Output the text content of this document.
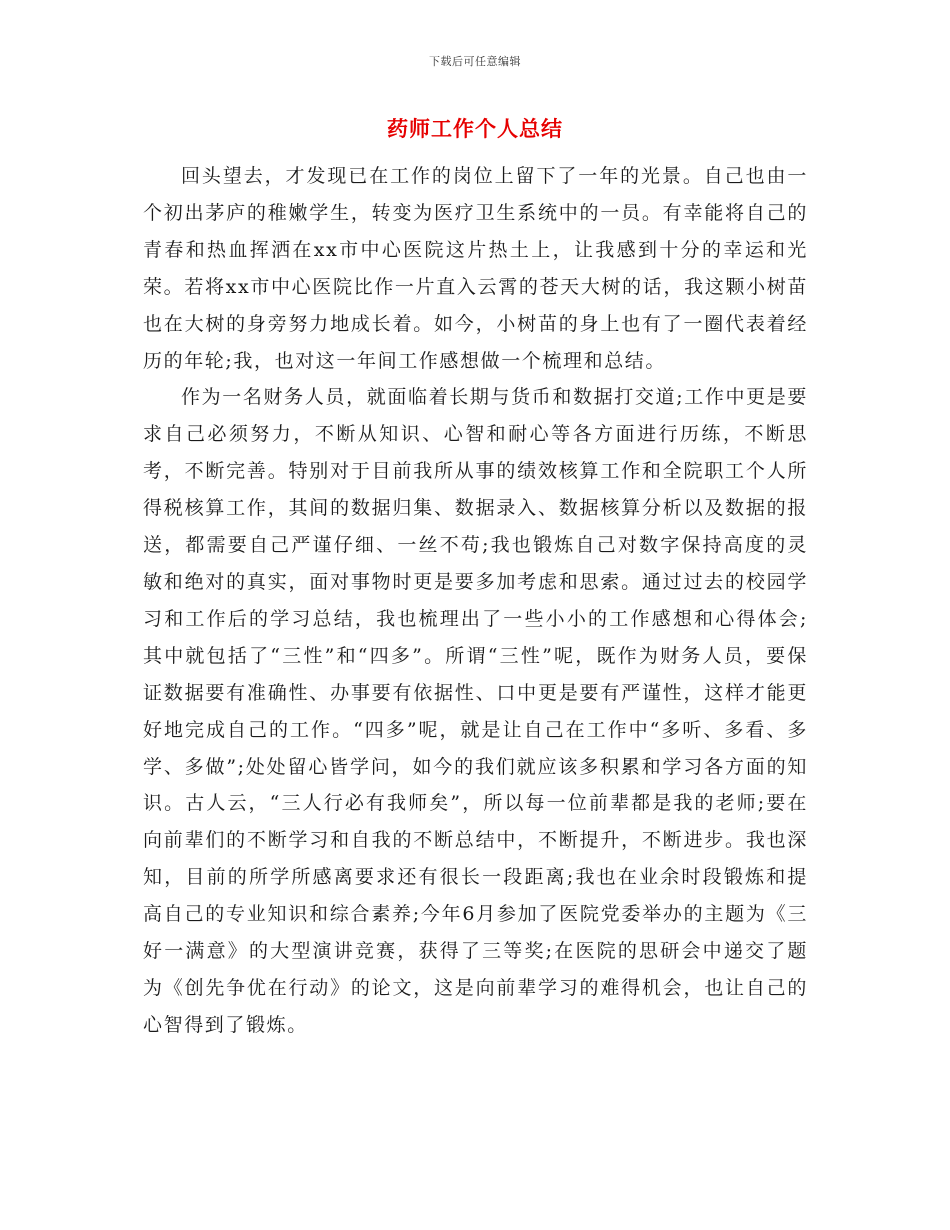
下载后可任意编辑
药师工作个人总结

回头望去，才发现已在工作的岗位上留下了一年的光景。自己也由一个初出茅庐的稚嫩学生，转变为医疗卫生系统中的一员。有幸能将自己的青春和热血挥洒在xx市中心医院这片热土上，让我感到十分的幸运和光荣。若将xx市中心医院比作一片直入云霄的苍天大树的话，我这颗小树苗也在大树的身旁努力地成长着。如今，小树苗的身上也有了一圈代表着经历的年轮;我，也对这一年间工作感想做一个梳理和总结。

作为一名财务人员，就面临着长期与货币和数据打交道;工作中更是要求自己必须努力，不断从知识、心智和耐心等各方面进行历练，不断思考，不断完善。特别对于目前我所从事的绩效核算工作和全院职工个人所得税核算工作，其间的数据归集、数据录入、数据核算分析以及数据的报送，都需要自己严谨仔细、一丝不苟;我也锻炼自己对数字保持高度的灵敏和绝对的真实，面对事物时更是要多加考虑和思索。通过过去的校园学习和工作后的学习总结，我也梳理出了一些小小的工作感想和心得体会;其中就包括了“三性”和“四多”。所谓“三性”呢，既作为财务人员，要保证数据要有准确性、办事要有依据性、口中更是要有严谨性，这样才能更好地完成自己的工作。“四多”呢，就是让自己在工作中“多听、多看、多学、多做”;处处留心皆学问，如今的我们就应该多积累和学习各方面的知识。古人云，“三人行必有我师矣”，所以每一位前辈都是我的老师;要在向前辈们的不断学习和自我的不断总结中，不断提升，不断进步。我也深知，目前的所学所感离要求还有很长一段距离;我也在业余时段锻炼和提高自己的专业知识和综合素养;今年6月参加了医院党委举办的主题为《三好一满意》的大型演讲竞赛，获得了三等奖;在医院的思研会中递交了题为《创先争优在行动》的论文，这是向前辈学习的难得机会，也让自己的心智得到了锻炼。
